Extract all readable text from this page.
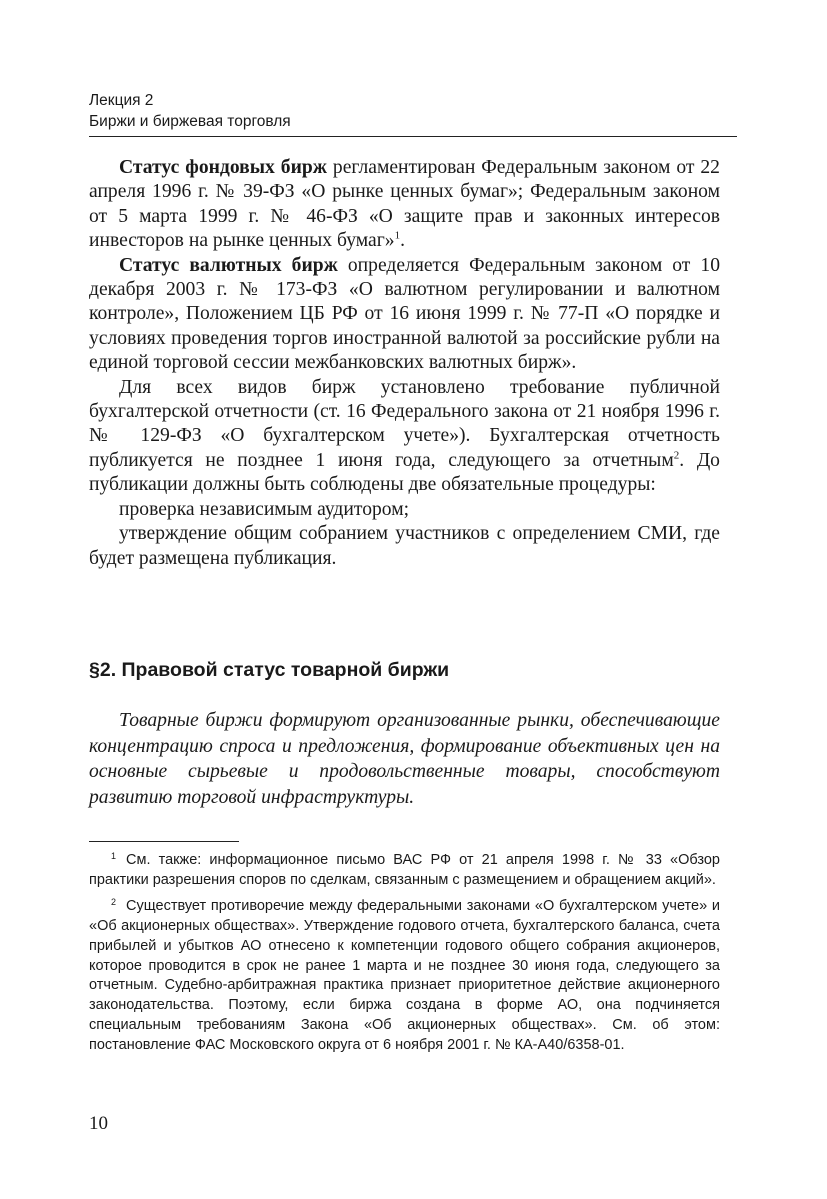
Лекция 2
Биржи и биржевая торговля

Статус фондовых бирж регламентирован Федеральным законом от 22 апреля 1996 г. № 39-ФЗ «О рынке ценных бумаг»; Федеральным законом от 5 марта 1999 г. № 46-ФЗ «О защите прав и законных интересов инвесторов на рынке ценных бумаг»$^1$.

Статус валютных бирж определяется Федеральным законом от 10 декабря 2003 г. № 173-ФЗ «О валютном регулировании и валютном контроле», Положением ЦБ РФ от 16 июня 1999 г. № 77-П «О порядке и условиях проведения торгов иностранной валютой за российские рубли на единой торговой сессии межбанковских валютных бирж».

Для всех видов бирж установлено требование публичной бухгалтерской отчетности (ст. 16 Федерального закона от 21 ноября 1996 г. № 129-ФЗ «О бухгалтерском учете»). Бухгалтерская отчетность публикуется не позднее 1 июня года, следующего за отчетным$^2$. До публикации должны быть соблюдены две обязательные процедуры:

проверка независимым аудитором;

утверждение общим собранием участников с определением СМИ, где будет размещена публикация.

§2. Правовой статус товарной биржи

Товарные биржи формируют организованные рынки, обеспечивающие концентрацию спроса и предложения, формирование объективных цен на основные сырьевые и продовольственные товары, способствуют развитию торговой инфраструктуры.

$^1$ См. также: информационное письмо ВАС РФ от 21 апреля 1998 г. № 33 «Обзор практики разрешения споров по сделкам, связанным с размещением и обращением акций».

$^2$ Существует противоречие между федеральными законами «О бухгалтерском учете» и «Об акционерных обществах». Утверждение годового отчета, бухгалтерского баланса, счета прибылей и убытков АО отнесено к компетенции годового общего собрания акционеров, которое проводится в срок не ранее 1 марта и не позднее 30 июня года, следующего за отчетным. Судебно-арбитражная практика признает приоритетное действие акционерного законодательства. Поэтому, если биржа создана в форме АО, она подчиняется специальным требованиям Закона «Об акционерных обществах». См. об этом: постановление ФАС Московского округа от 6 ноября 2001 г. № КА-А40/6358-01.

10
